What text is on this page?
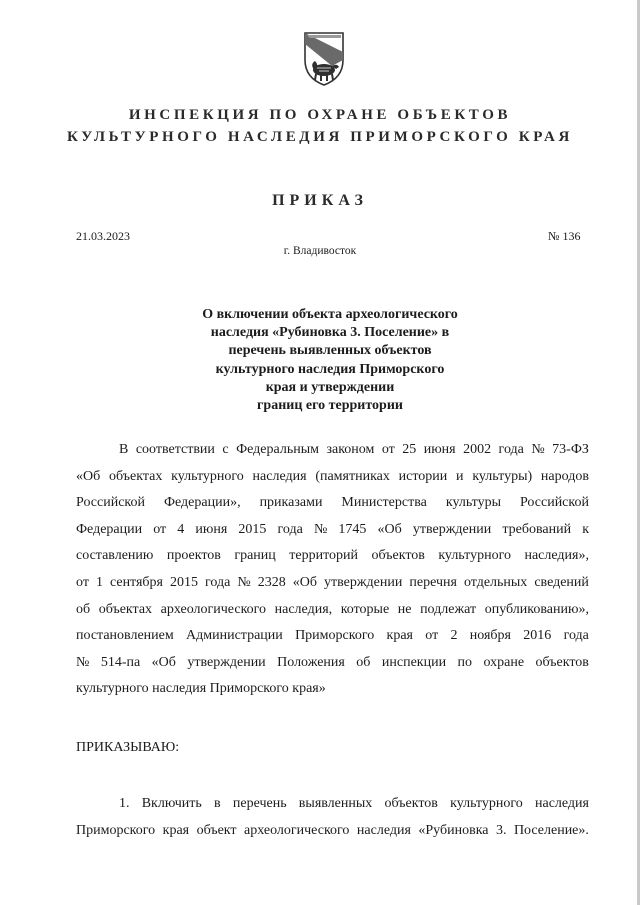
ИНСПЕКЦИЯ ПО ОХРАНЕ ОБЪЕКТОВ
КУЛЬТУРНОГО НАСЛЕДИЯ ПРИМОРСКОГО КРАЯ
ПРИКАЗ
21.03.2023	№ 136
г. Владивосток
О включении объекта археологического
наследия «Рубиновка 3. Поселение» в
перечень выявленных объектов
культурного наследия Приморского
края и утверждении
границ его территории
В соответствии с Федеральным законом от 25 июня 2002 года № 73-ФЗ
«Об объектах культурного наследия (памятниках истории и культуры) народов
Российской Федерации», приказами Министерства культуры Российской
Федерации от 4 июня 2015 года № 1745 «Об утверждении требований к
составлению проектов границ территорий объектов культурного наследия»,
от 1 сентября 2015 года № 2328 «Об утверждении перечня отдельных сведений
об объектах археологического наследия, которые не подлежат опубликованию»,
постановлением Администрации Приморского края от 2 ноября 2016 года
№ 514-па «Об утверждении Положения об инспекции по охране объектов
культурного наследия Приморского края»
ПРИКАЗЫВАЮ:
1. Включить в перечень выявленных объектов культурного наследия
Приморского края объект археологического наследия «Рубиновка 3. Поселение».
